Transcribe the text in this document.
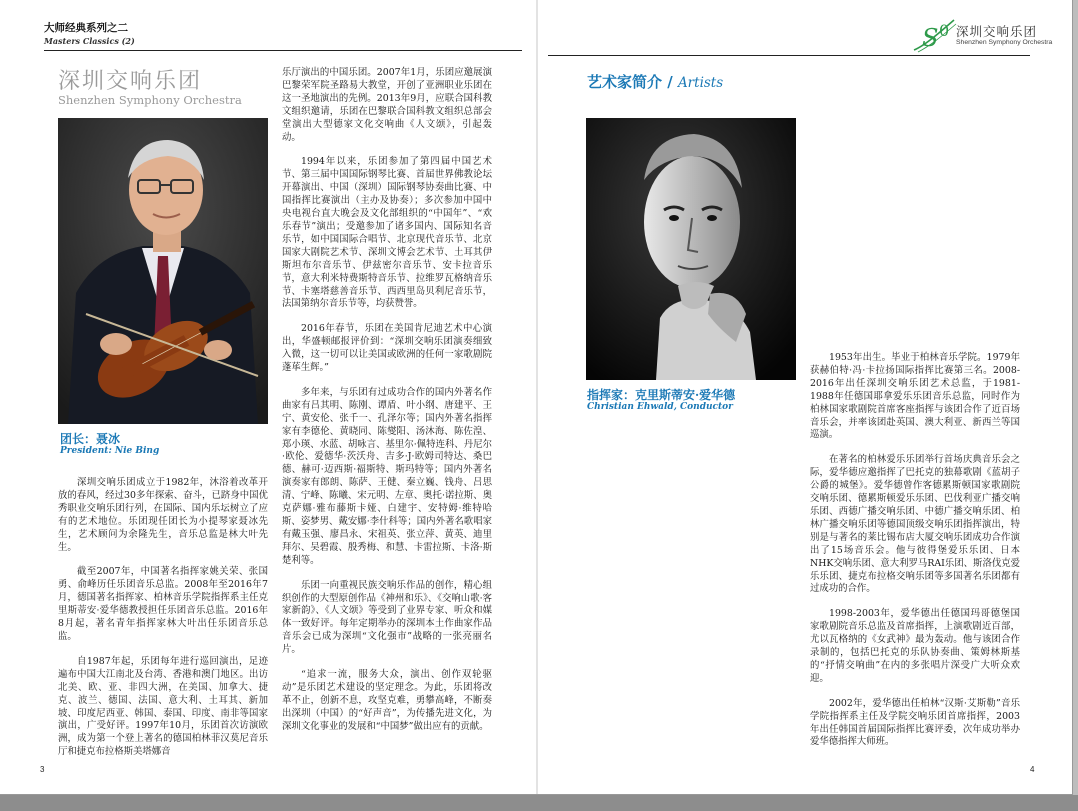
大师经典系列之二
Masters Classics (2)	S 0 深圳交响乐团
Shenzhen Symphony Orchestra
深圳交响乐团
Shenzhen Symphony Orchestra
团长：聂冰
President: Nie Bing

深圳交响乐团成立于1982年，沐浴着改革开放的春风，经过30多年探索、奋斗，已跻身中国优秀职业交响乐团行列，在国际、国内乐坛树立了应有的艺术地位。乐团现任团长为小提琴家聂冰先生，艺术顾问为余隆先生，音乐总监是林大叶先生。

截至2007年，中国著名指挥家姚关荣、张国勇、俞峰历任乐团音乐总监。2008年至2016年7月，德国著名指挥家、柏林音乐学院指挥系主任克里斯蒂安·爱华德教授担任乐团音乐总监。2016年8月起，著名青年指挥家林大叶出任乐团音乐总监。

自1987年起，乐团每年进行巡回演出，足迹遍布中国大江南北及台湾、香港和澳门地区。出访北美、欧、亚、非四大洲，在美国、加拿大、捷克、波兰、德国、法国、意大利、土耳其、新加坡、印度尼西亚、韩国、泰国、印度、南非等国家演出，广受好评。1997年10月，乐团首次访演欧洲，成为第一个登上著名的德国柏林菲汉莫尼音乐厅和捷克布拉格斯美塔娜音

乐厅演出的中国乐团。2007年1月，乐团应邀展演巴黎荣军院圣路易大教堂，开创了亚洲职业乐团在这一圣地演出的先例。2013年9月，应联合国科教文组织邀请，乐团在巴黎联合国科教文组织总部会堂演出大型德家文化交响曲《人文颂》，引起轰动。

1994年以来，乐团参加了第四届中国艺术节、第三届中国国际钢琴比赛、首届世界佛教论坛开幕演出、中国（深圳）国际钢琴协奏曲比赛、中国指挥比赛演出（主办及协奏）；多次参加中国中央电视台直大晚会及文化部组织的“中国年”、“欢乐春节”演出；受邀参加了诸多国内、国际知名音乐节，如中国国际合唱节、北京现代音乐节、北京国家大剧院艺术节、深圳文博会艺术节、土耳其伊斯坦布尔音乐节、伊兹密尔音乐节、安卡拉音乐节，意大利米特费斯特音乐节、拉维罗瓦格纳音乐节、卡塞塔慈善音乐节、西西里岛贝利尼音乐节，法国第纳尔音乐节等，均获赞誉。

2016年春节，乐团在美国肯尼迪艺术中心演出，华盛顿邮报评价到：“深圳交响乐团演奏细致入微，这一切可以让美国或欧洲的任何一家歌剧院蓬荜生辉。”

多年来，与乐团有过成功合作的国内外著名作曲家有吕其明、陈刚、谭盾、叶小纲、唐建平、王宁、黄安伦、张千一、孔泽尔等；国内外著名指挥家有李德伦、黄晓同、陈燮阳、汤沐海、陈佐湟、郑小瑛、水蓝、胡咏言、基里尔·佩特连科、丹尼尔·欧伦、爱德华·茨沃舟、吉多·J·欧姆司特达、桑巴德、赫可·迈西斯·福斯特、斯玛特等；国内外著名演奏家有郎朗、陈萨、王健、秦立巍、钱舟、吕思清、宁峰、陈曦、宋元明、左章、奥托·诺拉斯、奥克萨娜·雅布藤斯卡娅、白建宇、安特姆·维特哈斯、姿梦男、戴安娜·李什科等；国内外著名歌唱家有戴玉强、廖昌永、宋祖英、张立萍、黄英、迪里拜尔、吴碧霞、殷秀梅、和慧、卡雷拉斯、卡洛·斯楚利等。

乐团一向重视民族交响乐作品的创作，精心组织创作的大型原创作品《神州和乐》、《交响山歌·客家新韵》、《人文颂》等受到了业界专家、听众和媒体一致好评。每年定期举办的深圳本土作曲家作品音乐会已成为深圳“文化强市”战略的一张亮丽名片。

“追求一流，服务大众，演出、创作双轮驱动”是乐团艺术建设的坚定理念。为此，乐团将改革不止，创新不息，攻坚克难，勇攀高峰，不断奏出深圳（中国）的“好声音”，为传播先进文化，为深圳文化事业的发展和“中国梦”做出应有的贡献。

艺术家简介 / Artists
指挥家：克里斯蒂安·爱华德
Christian Ehwald, Conductor

1953年出生。毕业于柏林音乐学院。1979年获赫伯特·冯·卡拉扬国际指挥比赛第三名。2008-2016年出任深圳交响乐团艺术总监，于1981-1988年任德国耶拿爱乐乐团音乐总监，同时作为柏林国家歌剧院首席客座指挥与该团合作了近百场音乐会，并率该团赴英国、澳大利亚、新西兰等国巡演。

在著名的柏林爱乐乐团举行首场庆典音乐会之际，爱华德应邀指挥了巴托克的独幕歌剧《蓝胡子公爵的城堡》。爱华德曾作客德累斯顿国家歌剧院交响乐团、德累斯顿爱乐乐团、巴伐利亚广播交响乐团、西德广播交响乐团、中德广播交响乐团、柏林广播交响乐团等德国顶级交响乐团指挥演出，特别是与著名的莱比锡布店大厦交响乐团成功合作演出了15场音乐会。他与彼得堡爱乐乐团、日本NHK交响乐团、意大利罗马RAI乐团、斯洛伐克爱乐乐团、捷克布拉格交响乐团等多国著名乐团都有过成功的合作。

1998-2003年，爱华德出任德国玛哥德堡国家歌剧院音乐总监及首席指挥，上演歌剧近百部，尤以瓦格纳的《女武神》最为轰动。他与该团合作录制的，包括巴托克的乐队协奏曲、策姆林斯基的“抒情交响曲”在内的多张唱片深受广大听众欢迎。

2002年，爱华德出任柏林“汉斯·艾斯勒”音乐学院指挥系主任及学院交响乐团首席指挥，2003年出任韩国首届国际指挥比赛评委，次年成功举办爱华德指挥大师班。

3	4
